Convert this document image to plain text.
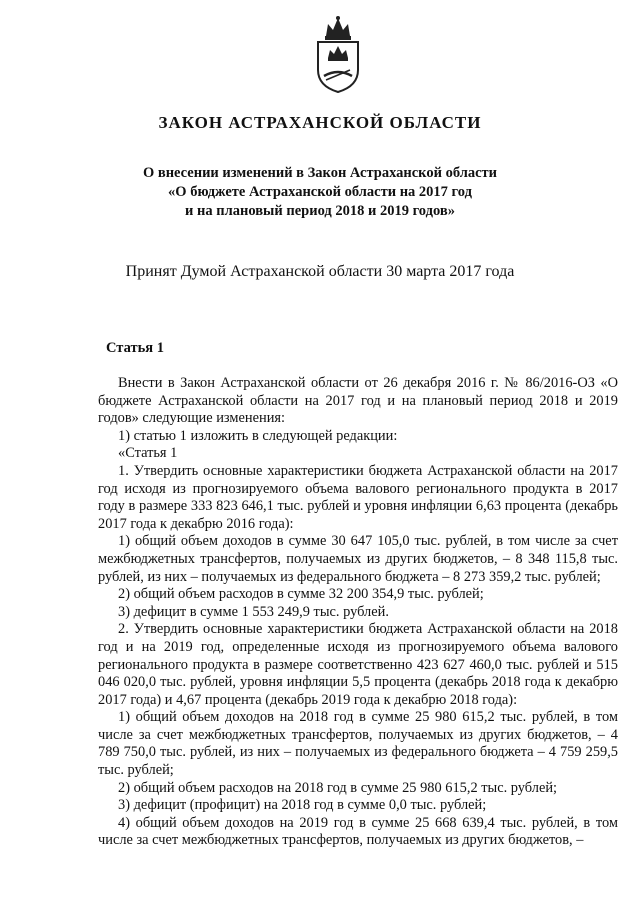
ЗАКОН АСТРАХАНСКОЙ ОБЛАСТИ
О внесении изменений в Закон Астраханской области
«О бюджете Астраханской области на 2017 год
и на плановый период 2018 и 2019 годов»
Принят Думой Астраханской области 30 марта 2017 года
Статья 1

Внести в Закон Астраханской области от 26 декабря 2016 г. № 86/2016-ОЗ «О бюджете Астраханской области на 2017 год и на плановый период 2018 и 2019 годов» следующие изменения:

1) статью 1 изложить в следующей редакции:

«Статья 1

1. Утвердить основные характеристики бюджета Астраханской области на 2017 год исходя из прогнозируемого объема валового регионального продукта в 2017 году в размере 333 823 646,1 тыс. рублей и уровня инфляции 6,63 процента (декабрь 2017 года к декабрю 2016 года):

1) общий объем доходов в сумме 30 647 105,0 тыс. рублей, в том числе за счет межбюджетных трансфертов, получаемых из других бюджетов, – 8 348 115,8 тыс. рублей, из них – получаемых из федерального бюджета – 8 273 359,2 тыс. рублей;

2) общий объем расходов в сумме 32 200 354,9 тыс. рублей;

3) дефицит в сумме 1 553 249,9 тыс. рублей.

2. Утвердить основные характеристики бюджета Астраханской области на 2018 год и на 2019 год, определенные исходя из прогнозируемого объема валового регионального продукта в размере соответственно 423 627 460,0 тыс. рублей и 515 046 020,0 тыс. рублей, уровня инфляции 5,5 процента (декабрь 2018 года к декабрю 2017 года) и 4,67 процента (декабрь 2019 года к декабрю 2018 года):

1) общий объем доходов на 2018 год в сумме 25 980 615,2 тыс. рублей, в том числе за счет межбюджетных трансфертов, получаемых из других бюджетов, – 4 789 750,0 тыс. рублей, из них – получаемых из федерального бюджета – 4 759 259,5 тыс. рублей;

2) общий объем расходов на 2018 год в сумме 25 980 615,2 тыс. рублей;

3) дефицит (профицит) на 2018 год в сумме 0,0 тыс. рублей;

4) общий объем доходов на 2019 год в сумме 25 668 639,4 тыс. рублей, в том числе за счет межбюджетных трансфертов, получаемых из других бюджетов, –
